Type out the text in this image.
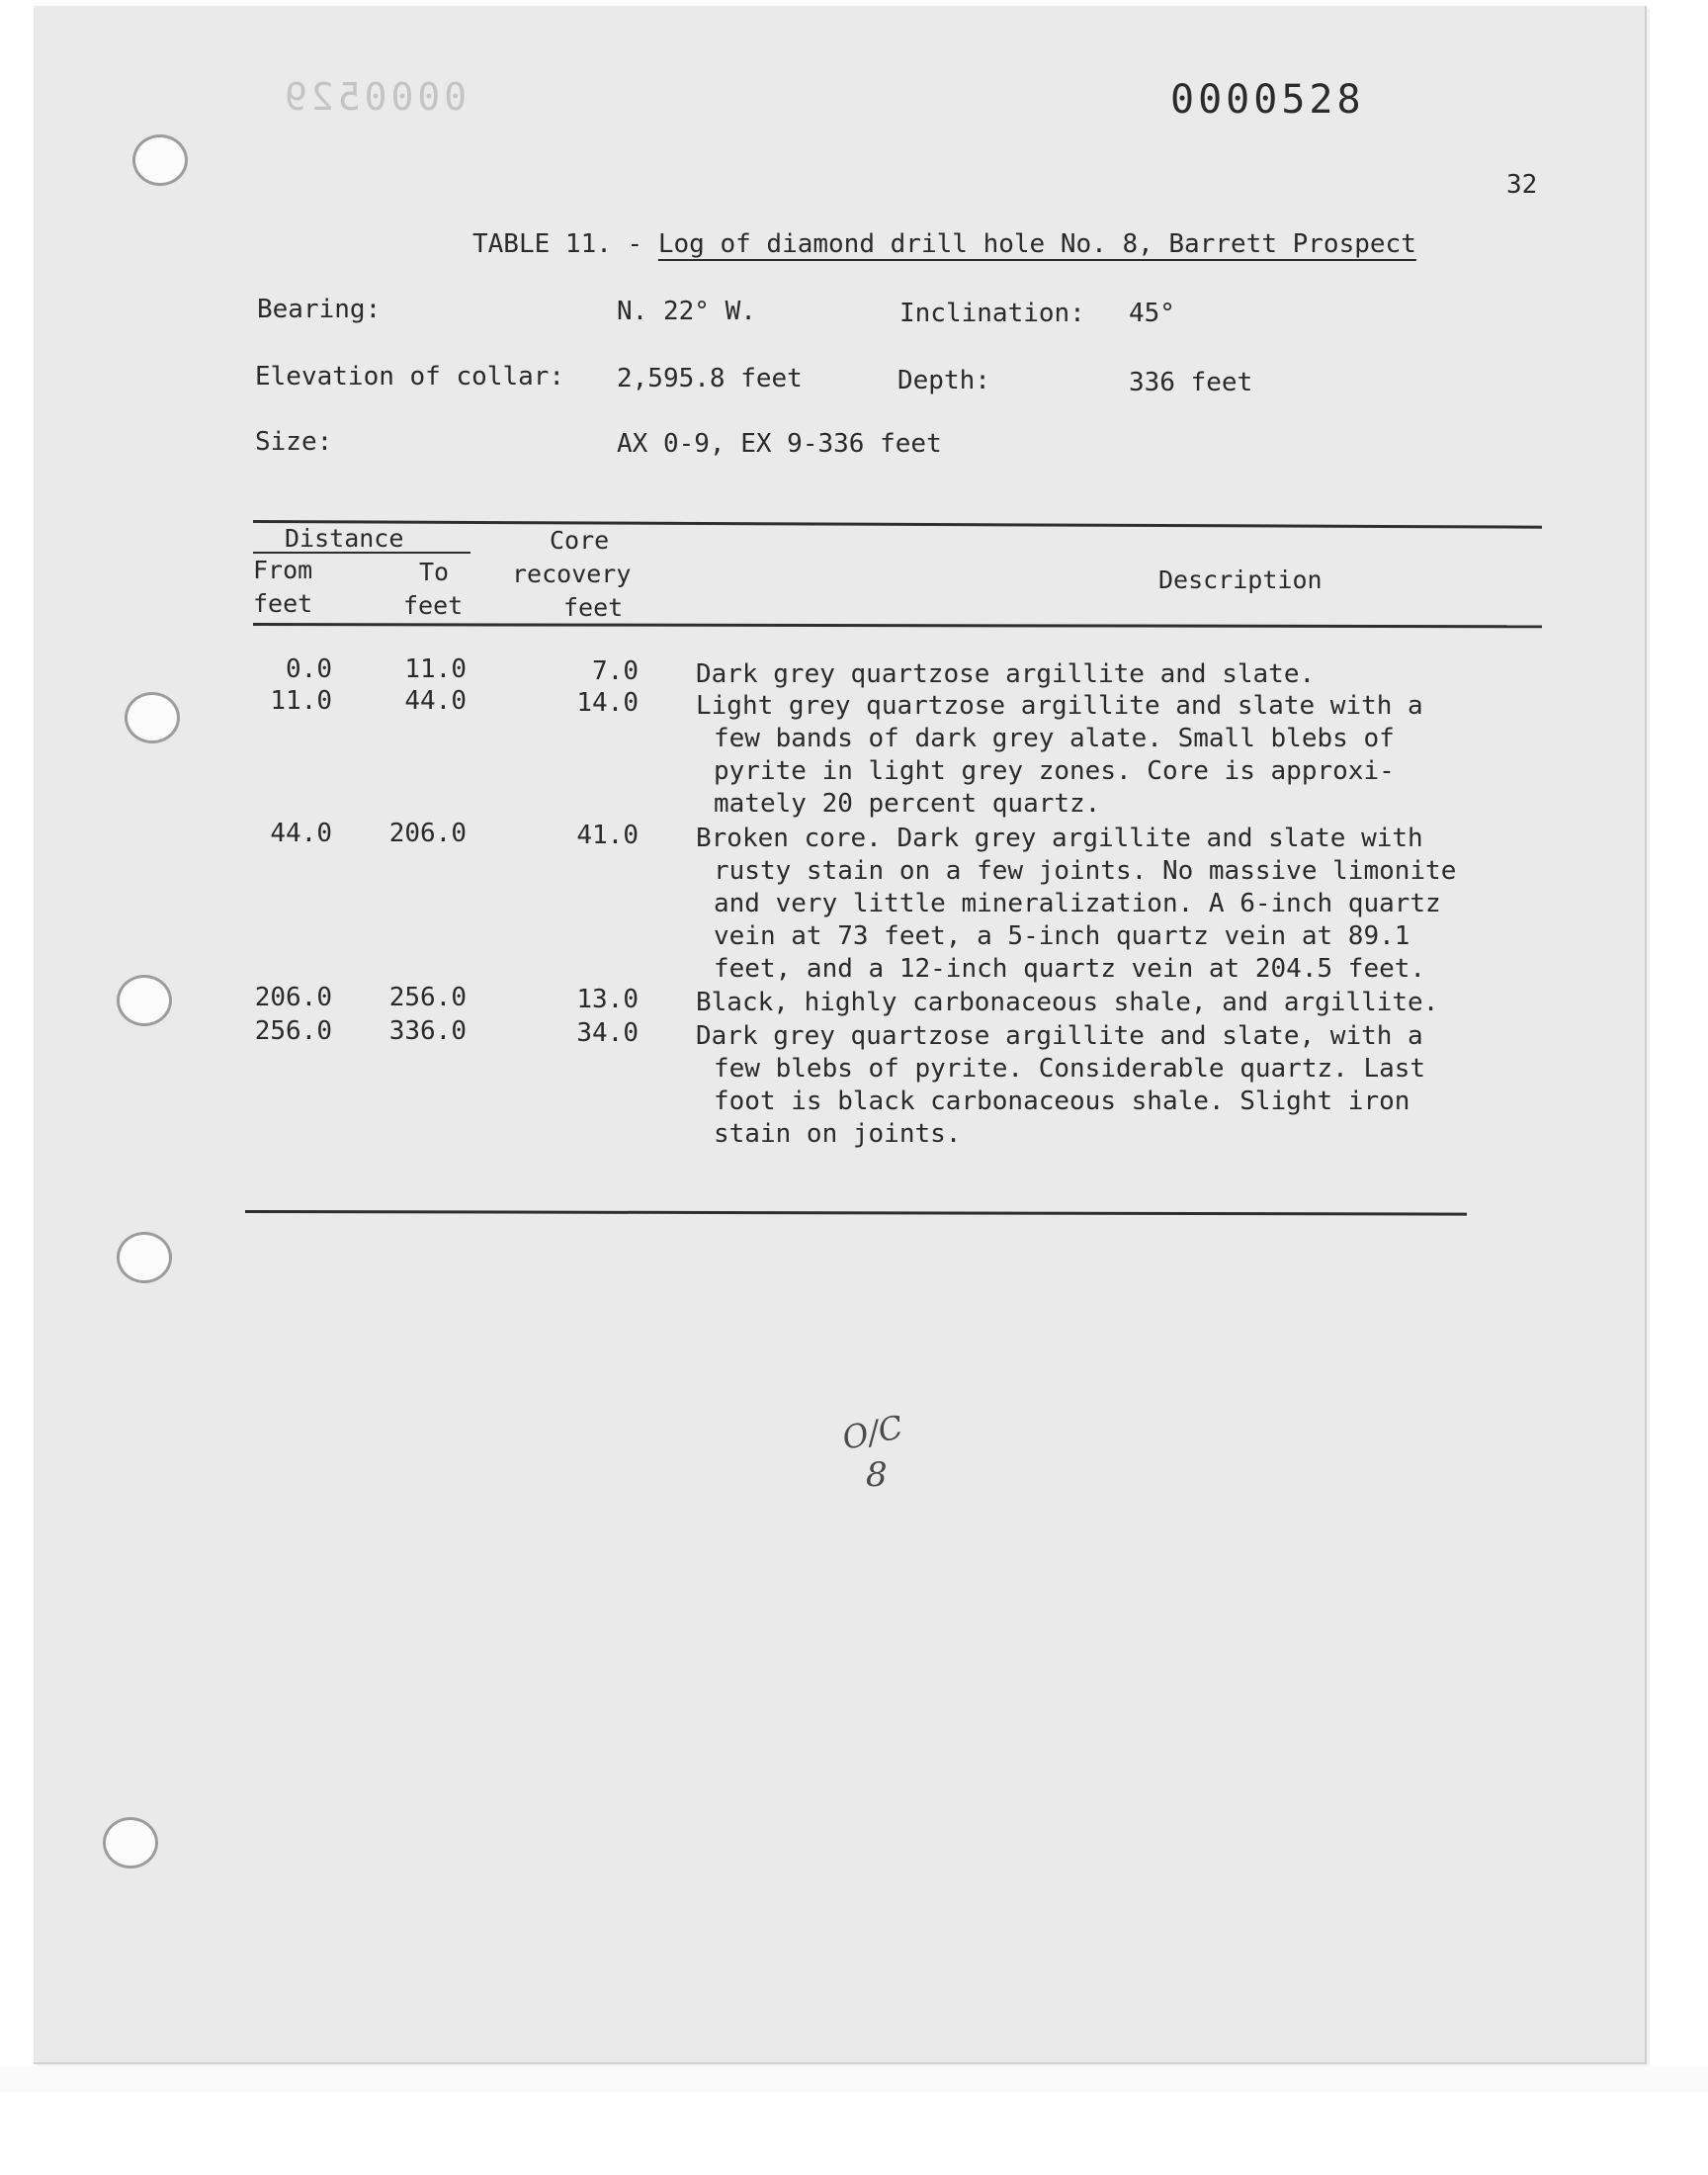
0000529	0000528
32
TABLE 11. - Log of diamond drill hole No. 8, Barrett Prospect
Bearing:	N. 22° W.	Inclination: 45°
Elevation of collar: 2,595.8 feet	Depth:	336 feet
Size:	AX 0-9, EX 9-336 feet
Distance
From	To
feet	feet
Core
recovery
feet
Description
0.0	11.0	7.0 Dark grey quartzose argillite and slate.
11.0	44.0	14.0 Light grey quartzose argillite and slate with a
few bands of dark grey alate. Small blebs of
pyrite in light grey zones. Core is approxi-
mately 20 percent quartz.
44.0 206.0	41.0 Broken core. Dark grey argillite and slate with
rusty stain on a few joints. No massive limonite
and very little mineralization. A 6-inch quartz
vein at 73 feet, a 5-inch quartz vein at 89.1
feet, and a 12-inch quartz vein at 204.5 feet.
206.0 256.0	13.0 Black, highly carbonaceous shale, and argillite.
256.0 336.0	34.0 Dark grey quartzose argillite and slate, with a
few blebs of pyrite. Considerable quartz. Last
foot is black carbonaceous shale. Slight iron
stain on joints.
O/C
8
